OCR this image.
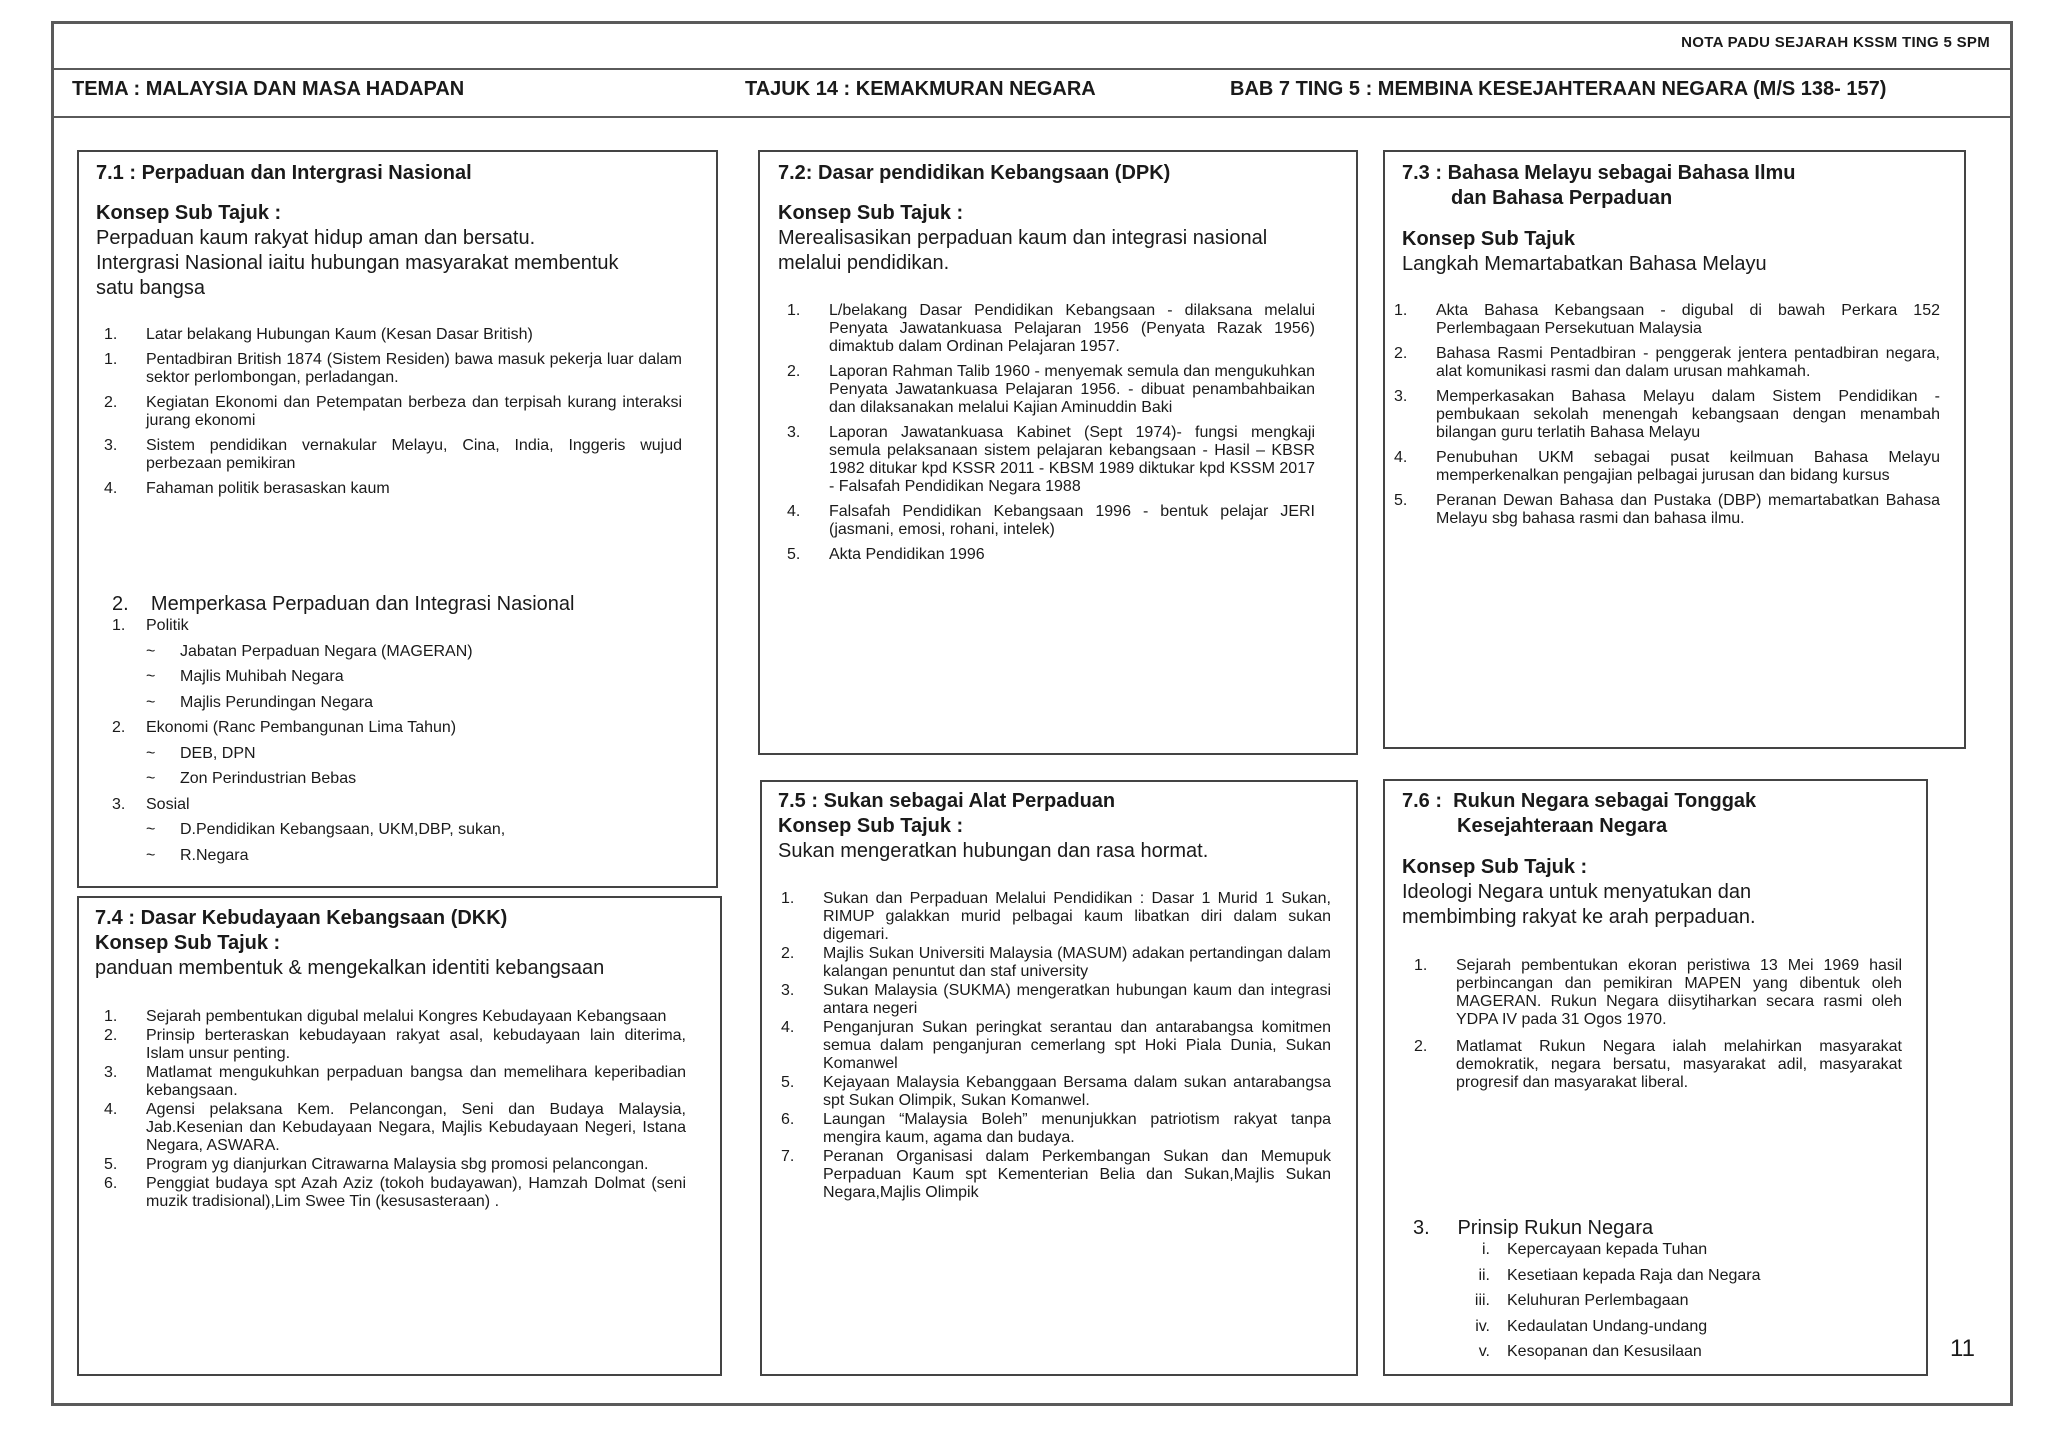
NOTA PADU SEJARAH KSSM TING 5 SPM
TEMA : MALAYSIA DAN MASA HADAPAN	TAJUK 14 : KEMAKMURAN NEGARA	BAB 7 TING 5 : MEMBINA KESEJAHTERAAN NEGARA (M/S 138- 157)
7.1 : Perpaduan dan Intergrasi Nasional
Konsep Sub Tajuk :
Perpaduan kaum rakyat hidup aman dan bersatu.
Intergrasi Nasional iaitu hubungan masyarakat membentuk
satu bangsa
1. Latar belakang Hubungan Kaum (Kesan Dasar British)
1. Pentadbiran British 1874 (Sistem Residen) bawa masuk pekerja luar dalam sektor perlombongan, perladangan.
2. Kegiatan Ekonomi dan Petempatan berbeza dan terpisah kurang interaksi jurang ekonomi
3. Sistem pendidikan vernakular Melayu, Cina, India, Inggeris wujud perbezaan pemikiran
4. Fahaman politik berasaskan kaum
2.    Memperkasa Perpaduan dan Integrasi Nasional
1. Politik
~ Jabatan Perpaduan Negara (MAGERAN)
~ Majlis Muhibah Negara
~ Majlis Perundingan Negara
2. Ekonomi (Ranc Pembangunan Lima Tahun)
~ DEB, DPN
~ Zon Perindustrian Bebas
3. Sosial
~ D.Pendidikan Kebangsaan, UKM,DBP, sukan,
~ R.Negara
7.2: Dasar pendidikan Kebangsaan (DPK)
Konsep Sub Tajuk :
Merealisasikan perpaduan kaum dan integrasi nasional
melalui pendidikan.
1. L/belakang Dasar Pendidikan Kebangsaan - dilaksana melalui Penyata Jawatankuasa Pelajaran 1956 (Penyata Razak 1956) dimaktub dalam Ordinan Pelajaran 1957.
2. Laporan Rahman Talib 1960 - menyemak semula dan mengukuhkan Penyata Jawatankuasa Pelajaran 1956. - dibuat penambahbaikan dan dilaksanakan melalui Kajian Aminuddin Baki
3. Laporan Jawatankuasa Kabinet (Sept 1974)- fungsi mengkaji semula pelaksanaan sistem pelajaran kebangsaan - Hasil – KBSR 1982 ditukar kpd KSSR 2011 - KBSM 1989 diktukar kpd KSSM 2017 - Falsafah Pendidikan Negara 1988
4. Falsafah Pendidikan Kebangsaan 1996 - bentuk pelajar JERI (jasmani, emosi, rohani, intelek)
5. Akta Pendidikan 1996
7.3 : Bahasa Melayu sebagai Bahasa Ilmu
dan Bahasa Perpaduan
Konsep Sub Tajuk
Langkah Memartabatkan Bahasa Melayu
1. Akta Bahasa Kebangsaan - digubal di bawah Perkara 152 Perlembagaan Persekutuan Malaysia
2. Bahasa Rasmi Pentadbiran - penggerak jentera pentadbiran negara, alat komunikasi rasmi dan dalam urusan mahkamah.
3. Memperkasakan Bahasa Melayu dalam Sistem Pendidikan - pembukaan sekolah menengah kebangsaan dengan menambah bilangan guru terlatih Bahasa Melayu
4. Penubuhan UKM sebagai pusat keilmuan Bahasa Melayu memperkenalkan pengajian pelbagai jurusan dan bidang kursus
5. Peranan Dewan Bahasa dan Pustaka (DBP) memartabatkan Bahasa Melayu sbg bahasa rasmi dan bahasa ilmu.
7.4 : Dasar Kebudayaan Kebangsaan (DKK)
Konsep Sub Tajuk :
panduan membentuk & mengekalkan identiti kebangsaan
1. Sejarah pembentukan digubal melalui Kongres Kebudayaan Kebangsaan
2. Prinsip berteraskan kebudayaan rakyat asal, kebudayaan lain diterima, Islam unsur penting.
3. Matlamat mengukuhkan perpaduan bangsa dan memelihara keperibadian kebangsaan.
4. Agensi pelaksana Kem. Pelancongan, Seni dan Budaya Malaysia, Jab.Kesenian dan Kebudayaan Negara, Majlis Kebudayaan Negeri, Istana Negara, ASWARA.
5. Program yg dianjurkan Citrawarna Malaysia sbg promosi pelancongan.
6. Penggiat budaya spt Azah Aziz (tokoh budayawan), Hamzah Dolmat (seni muzik tradisional),Lim Swee Tin (kesusasteraan) .
7.5 : Sukan sebagai Alat Perpaduan
Konsep Sub Tajuk :
Sukan mengeratkan hubungan dan rasa hormat.
1. Sukan dan Perpaduan Melalui Pendidikan : Dasar 1 Murid 1 Sukan, RIMUP galakkan murid pelbagai kaum libatkan diri dalam sukan digemari.
2. Majlis Sukan Universiti Malaysia (MASUM) adakan pertandingan dalam kalangan penuntut dan staf university
3. Sukan Malaysia (SUKMA) mengeratkan hubungan kaum dan integrasi antara negeri
4. Penganjuran Sukan peringkat serantau dan antarabangsa komitmen semua dalam penganjuran cemerlang spt Hoki Piala Dunia, Sukan Komanwel
5. Kejayaan Malaysia Kebanggaan Bersama dalam sukan antarabangsa spt Sukan Olimpik, Sukan Komanwel.
6. Laungan “Malaysia Boleh” menunjukkan patriotism rakyat tanpa mengira kaum, agama dan budaya.
7. Peranan Organisasi dalam Perkembangan Sukan dan Memupuk Perpaduan Kaum spt Kementerian Belia dan Sukan,Majlis Sukan Negara,Majlis Olimpik
7.6 :  Rukun Negara sebagai Tonggak
Kesejahteraan Negara
Konsep Sub Tajuk :
Ideologi Negara untuk menyatukan dan
membimbing rakyat ke arah perpaduan.
1. Sejarah pembentukan ekoran peristiwa 13 Mei 1969 hasil perbincangan dan pemikiran MAPEN yang dibentuk oleh MAGERAN. Rukun Negara diisytiharkan secara rasmi oleh YDPA IV pada 31 Ogos 1970.
2. Matlamat Rukun Negara ialah melahirkan masyarakat demokratik, negara bersatu, masyarakat adil, masyarakat progresif dan masyarakat liberal.
3.     Prinsip Rukun Negara
i. Kepercayaan kepada Tuhan
ii. Kesetiaan kepada Raja dan Negara
iii. Keluhuran Perlembagaan
iv. Kedaulatan Undang-undang
v. Kesopanan dan Kesusilaan	11
